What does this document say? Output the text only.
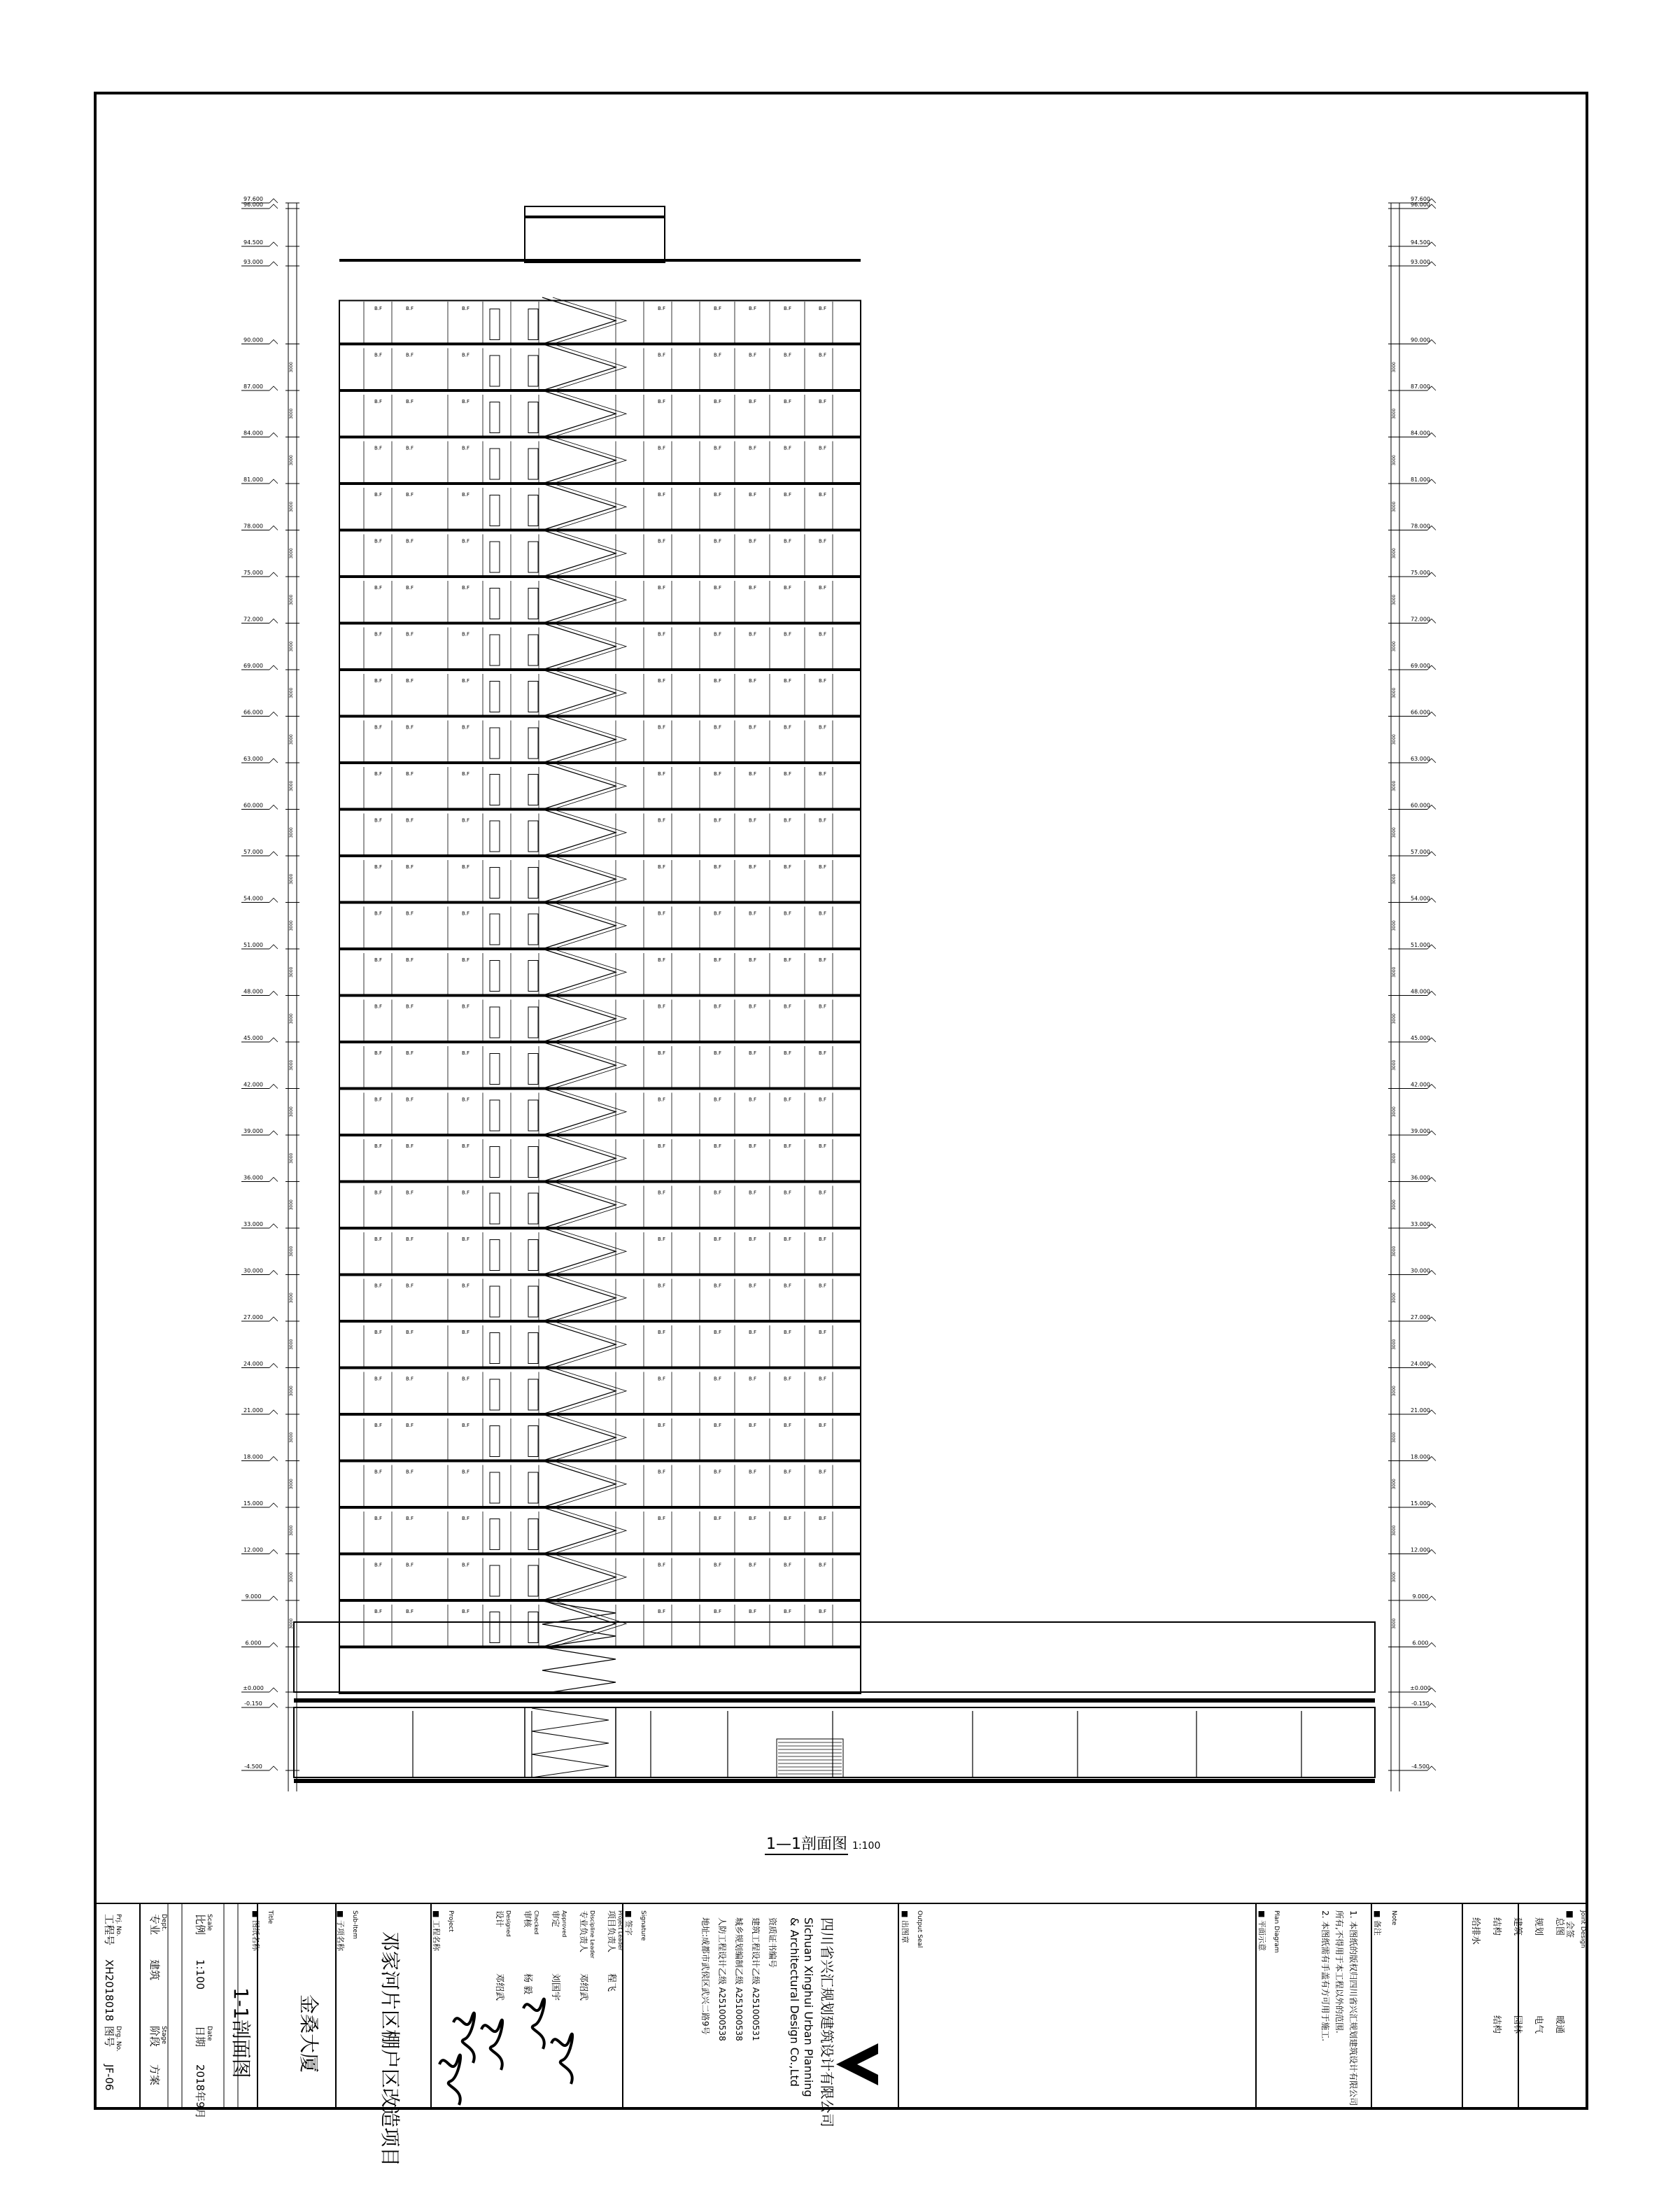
B.F	B.F	B.F	B.F	B.F	B.F	B.F	B.F
B.F	B.F	B.F	B.F	B.F	B.F	B.F	B.F
B.F	B.F	B.F	B.F	B.F	B.F	B.F	B.F
B.F	B.F	B.F	B.F	B.F	B.F	B.F	B.F
B.F	B.F	B.F	B.F	B.F	B.F	B.F	B.F
B.F	B.F	B.F	B.F	B.F	B.F	B.F	B.F
B.F	B.F	B.F	B.F	B.F	B.F	B.F	B.F
B.F	B.F	B.F	B.F	B.F	B.F	B.F	B.F
B.F	B.F	B.F	B.F	B.F	B.F	B.F	B.F
B.F	B.F	B.F	B.F	B.F	B.F	B.F	B.F
B.F	B.F	B.F	B.F	B.F	B.F	B.F	B.F
B.F	B.F	B.F	B.F	B.F	B.F	B.F	B.F
B.F	B.F	B.F	B.F	B.F	B.F	B.F	B.F
B.F	B.F	B.F	B.F	B.F	B.F	B.F	B.F
B.F	B.F	B.F	B.F	B.F	B.F	B.F	B.F
B.F	B.F	B.F	B.F	B.F	B.F	B.F	B.F
B.F	B.F	B.F	B.F	B.F	B.F	B.F	B.F
B.F	B.F	B.F	B.F	B.F	B.F	B.F	B.F
B.F	B.F	B.F	B.F	B.F	B.F	B.F	B.F
B.F	B.F	B.F	B.F	B.F	B.F	B.F	B.F
B.F	B.F	B.F	B.F	B.F	B.F	B.F	B.F
B.F	B.F	B.F	B.F	B.F	B.F	B.F	B.F
B.F	B.F	B.F	B.F	B.F	B.F	B.F	B.F
B.F	B.F	B.F	B.F	B.F	B.F	B.F	B.F
B.F	B.F	B.F	B.F	B.F	B.F	B.F	B.F
B.F	B.F	B.F	B.F	B.F	B.F	B.F	B.F
B.F	B.F	B.F	B.F	B.F	B.F	B.F	B.F
B.F	B.F	B.F	B.F	B.F	B.F	B.F	B.F
B.F	B.F	B.F	B.F	B.F	B.F	B.F	B.F
97.600
96.000
94.500
93.000
90.000
87.000
84.000
81.000
78.000
75.000
72.000
69.000
66.000
63.000
60.000
57.000
54.000
51.000
48.000
45.000
42.000
39.000
36.000
33.000
30.000
27.000
24.000
21.000
18.000
15.000
12.000
9.000
6.000
±0.000
-0.150
-4.500
3000
3000
3000
3000
3000
3000
3000
3000
3000
3000
3000
3000
3000
3000
3000
3000
3000
3000
3000
3000
3000
3000
3000
3000
3000
3000
3000
3000
97.600
96.000
94.500
93.000
90.000
87.000
84.000
81.000
78.000
75.000
72.000
69.000
66.000
63.000
60.000
57.000
54.000
51.000
48.000
45.000
42.000
39.000
36.000
33.000
30.000
27.000
24.000
21.000
18.000
15.000
12.000
9.000
6.000
±0.000
-0.150
-4.500
3000
3000
3000
3000
3000
3000
3000
3000
3000
3000
3000
3000
3000
3000
3000
3000
3000
3000
3000
3000
3000
3000
3000
3000
3000
3000
3000
3000
1—1剖面图 1:100
工程号 Prj. No.
XH2018018
图号 Drg. No.
JF-06
专业 Dept.
建筑
阶段 Stage
方案
比例 Scale
1:100
日期 Date
2018年9月
■ 图纸名称 Title
1-1剖面图
■ 子项名称 Sub-Item
金桑大厦
■ 工程名称 Project
邓家河片区棚户区改造项目
■ 签字 Signature
项目负责人 Project Leader
程飞
专业负责人 Discipline Leader
邓绍武
审定 Approved
刘国宇
审核 Checked
杨 毅
设计 Designed
邓绍武	四川省兴汇规划建筑设计有限公司
Sichuan Xinghui Urban Planning
& Architectural Design Co.,Ltd
资质证书编号
建筑工程设计乙级 A251000531
城乡规划编制乙级 A251000538
人防工程设计乙级 A251000538
地址:成都市武侯区武兴二路9号	■ 出图章 Output Seal	■ 平面示意 Plan Diagram	■ 备注 Note
1. 本图纸的版权归四川省兴汇规划建筑设计有限公司
所有,不得用于本工程以外的范围.
2. 本图纸需有手盖有方可用于施工.	■ 会签 Joint Design
总图
暖通
规划
电气
建筑
园林
结构
结构
给排水
